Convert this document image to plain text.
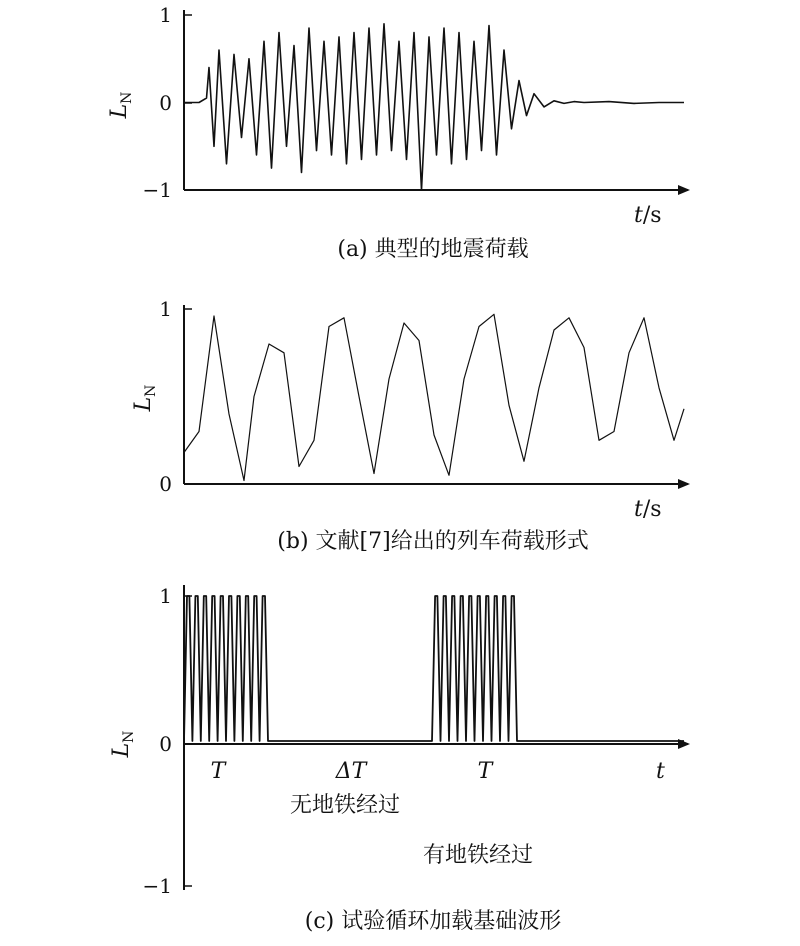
1
0
−1
$L_N$
t/s
(a) 典型的地震荷载
1
0
$L_N$
t/s
(b) 文献[7]给出的列车荷载形式
1
0
−1
$L_N$
t
T	ΔT	T
无地铁经过
有地铁经过
(c) 试验循环加载基础波形
